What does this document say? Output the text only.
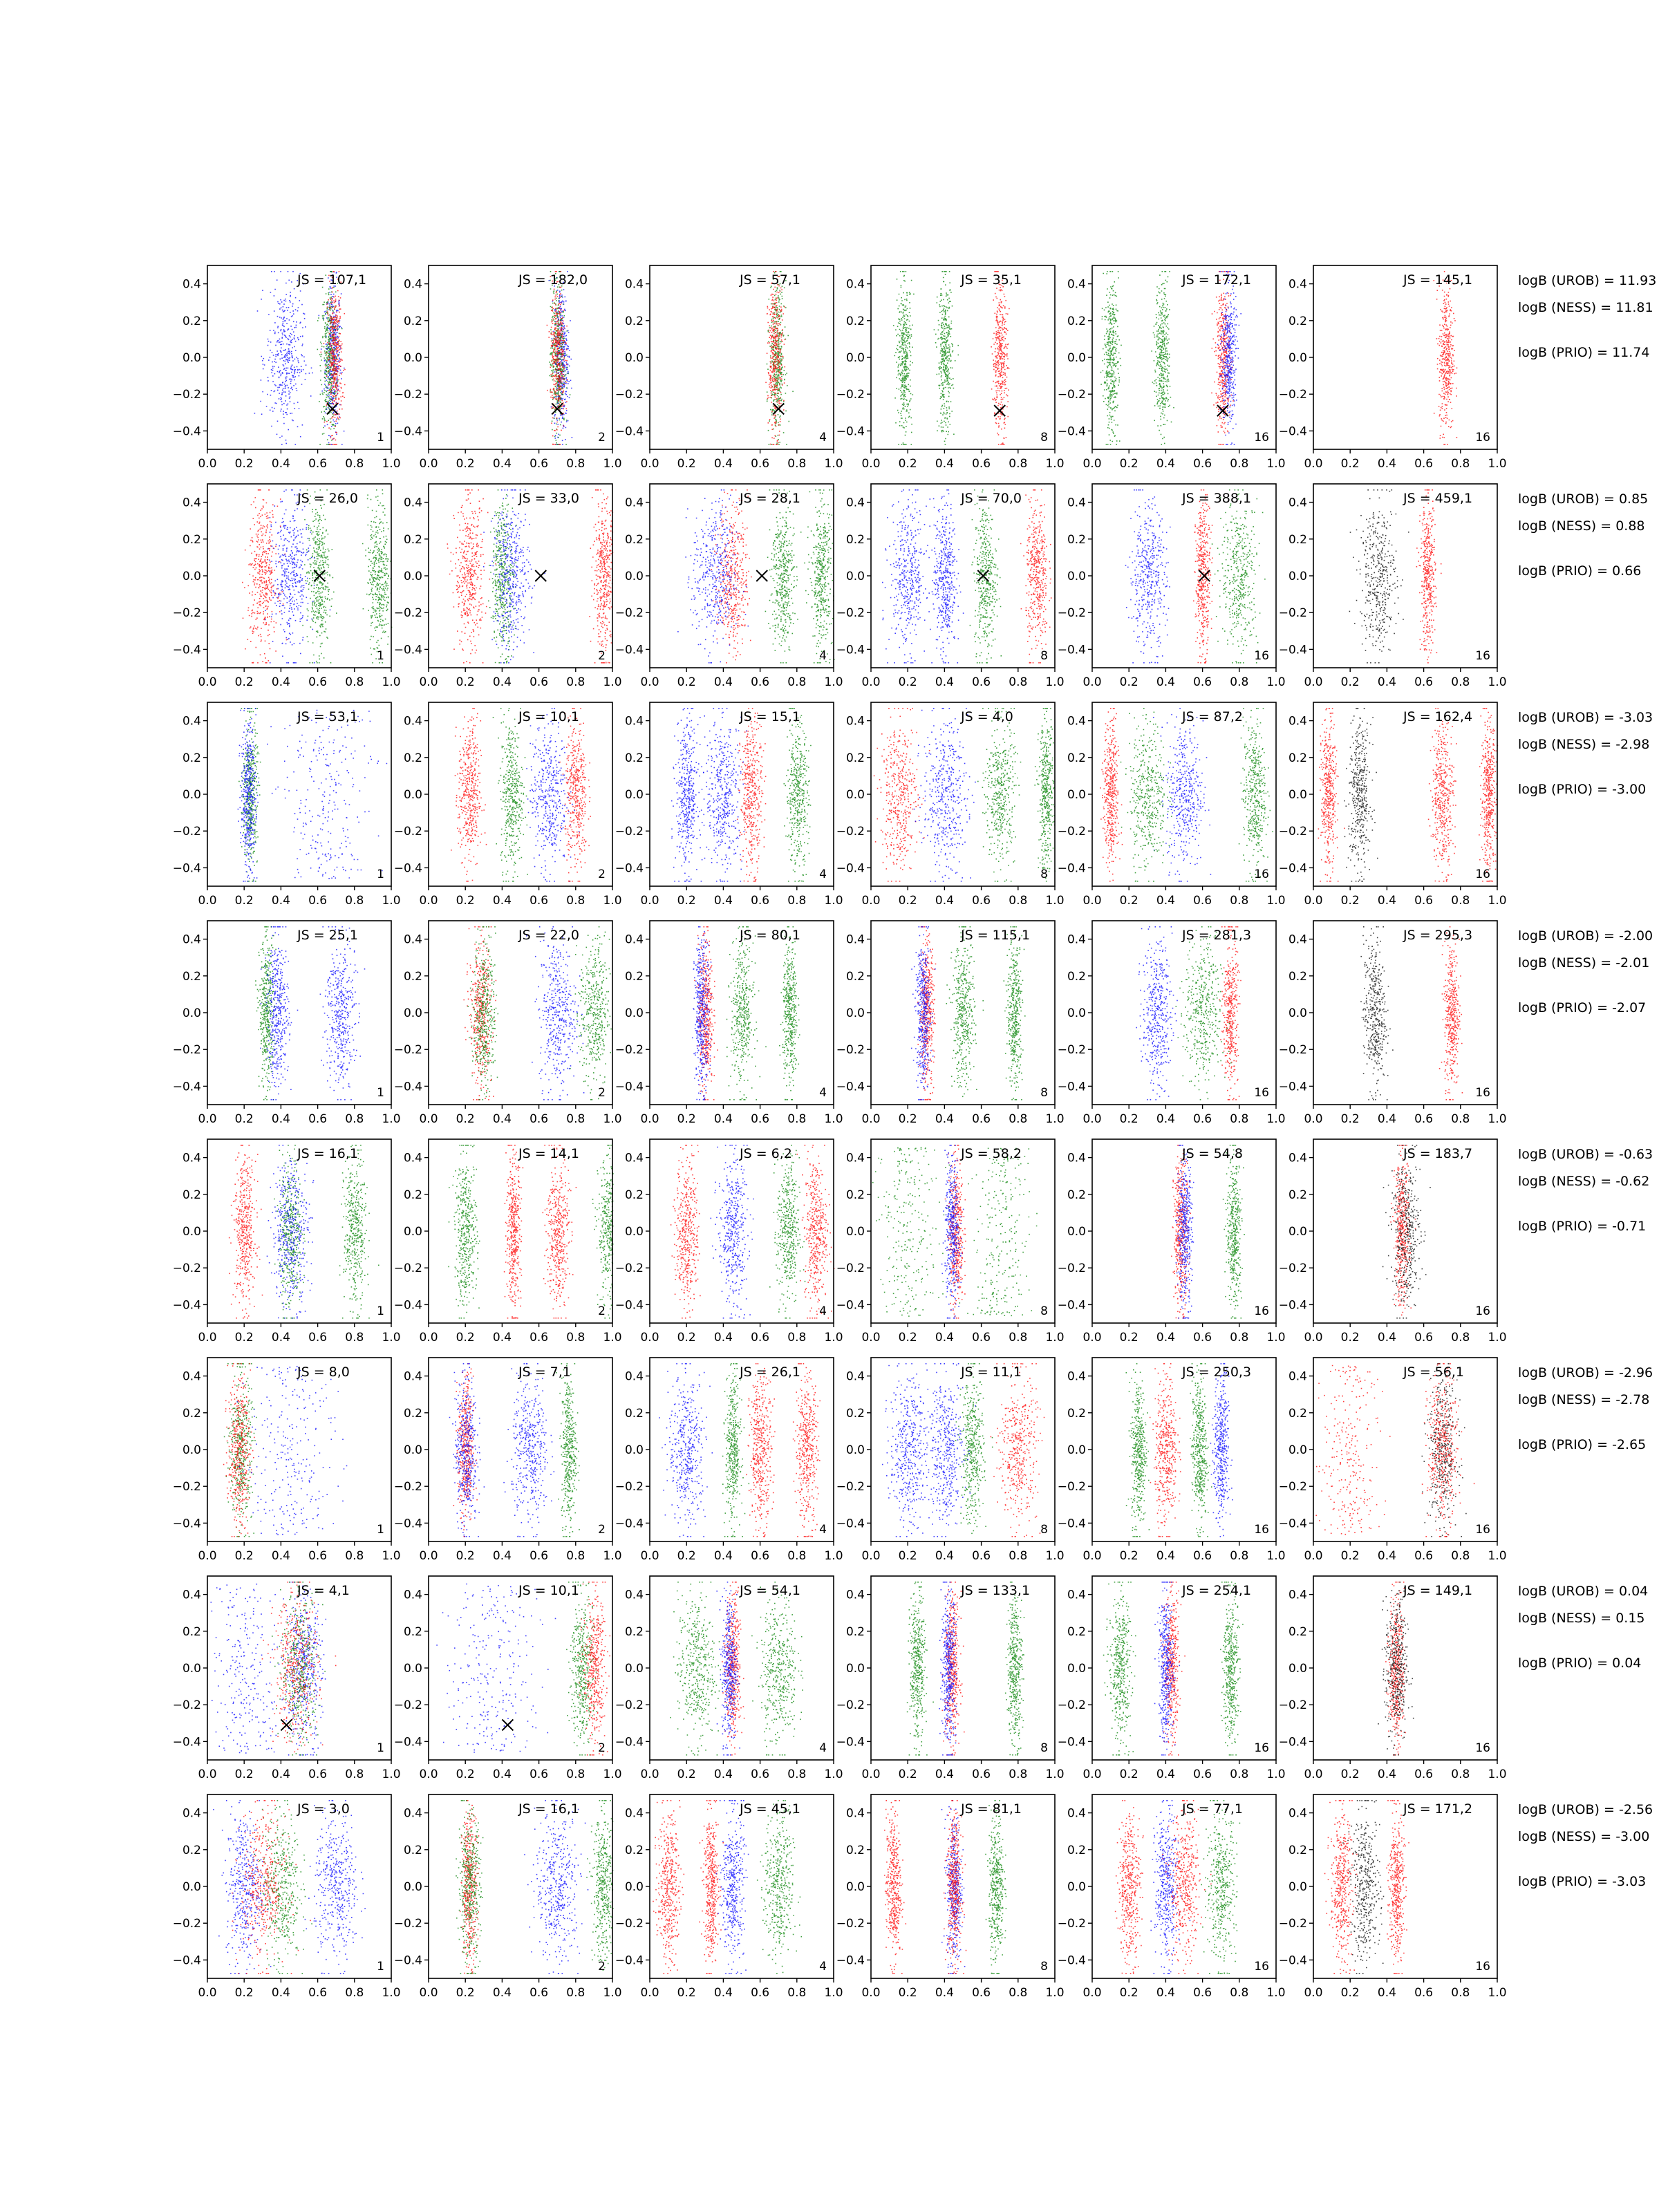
0.4
0.2
0.0
−0.2
−0.4
0.0 0.2 0.4 0.6 0.8 1.0
JS = 107,1
1
0.4
0.2
0.0
−0.2
−0.4
0.0 0.2 0.4 0.6 0.8 1.0
JS = 182,0
2
0.4
0.2
0.0
−0.2
−0.4
0.0 0.2 0.4 0.6 0.8 1.0
JS = 57,1
4
0.4
0.2
0.0
−0.2
−0.4
0.0 0.2 0.4 0.6 0.8 1.0
JS = 35,1
8
0.4
0.2
0.0
−0.2
−0.4
0.0 0.2 0.4 0.6 0.8 1.0
JS = 172,1
16
0.4
0.2
0.0
−0.2
−0.4
0.0 0.2 0.4 0.6 0.8 1.0
JS = 145,1
16
logB (UROB) = 11.93
logB (NESS) = 11.81
logB (PRIO) = 11.74
0.4
0.2
0.0
−0.2
−0.4
0.0 0.2 0.4 0.6 0.8 1.0
JS = 26,0
1
0.4
0.2
0.0
−0.2
−0.4
0.0 0.2 0.4 0.6 0.8 1.0
JS = 33,0
2
0.4
0.2
0.0
−0.2
−0.4
0.0 0.2 0.4 0.6 0.8 1.0
JS = 28,1
4
0.4
0.2
0.0
−0.2
−0.4
0.0 0.2 0.4 0.6 0.8 1.0
JS = 70,0
8
0.4
0.2
0.0
−0.2
−0.4
0.0 0.2 0.4 0.6 0.8 1.0
JS = 388,1
16
0.4
0.2
0.0
−0.2
−0.4
0.0 0.2 0.4 0.6 0.8 1.0
JS = 459,1
16
logB (UROB) = 0.85
logB (NESS) = 0.88
logB (PRIO) = 0.66
0.4
0.2
0.0
−0.2
−0.4
0.0 0.2 0.4 0.6 0.8 1.0
JS = 53,1
1
0.4
0.2
0.0
−0.2
−0.4
0.0 0.2 0.4 0.6 0.8 1.0
JS = 10,1
2
0.4
0.2
0.0
−0.2
−0.4
0.0 0.2 0.4 0.6 0.8 1.0
JS = 15,1
4
0.4
0.2
0.0
−0.2
−0.4
0.0 0.2 0.4 0.6 0.8 1.0
JS = 4,0
8
0.4
0.2
0.0
−0.2
−0.4
0.0 0.2 0.4 0.6 0.8 1.0
JS = 87,2
16
0.4
0.2
0.0
−0.2
−0.4
0.0 0.2 0.4 0.6 0.8 1.0
JS = 162,4
16
logB (UROB) = -3.03
logB (NESS) = -2.98
logB (PRIO) = -3.00
0.4
0.2
0.0
−0.2
−0.4
0.0 0.2 0.4 0.6 0.8 1.0
JS = 25,1
1
0.4
0.2
0.0
−0.2
−0.4
0.0 0.2 0.4 0.6 0.8 1.0
JS = 22,0
2
0.4
0.2
0.0
−0.2
−0.4
0.0 0.2 0.4 0.6 0.8 1.0
JS = 80,1
4
0.4
0.2
0.0
−0.2
−0.4
0.0 0.2 0.4 0.6 0.8 1.0
JS = 115,1
8
0.4
0.2
0.0
−0.2
−0.4
0.0 0.2 0.4 0.6 0.8 1.0
JS = 281,3
16
0.4
0.2
0.0
−0.2
−0.4
0.0 0.2 0.4 0.6 0.8 1.0
JS = 295,3
16
logB (UROB) = -2.00
logB (NESS) = -2.01
logB (PRIO) = -2.07
0.4
0.2
0.0
−0.2
−0.4
0.0 0.2 0.4 0.6 0.8 1.0
JS = 16,1
1
0.4
0.2
0.0
−0.2
−0.4
0.0 0.2 0.4 0.6 0.8 1.0
JS = 14,1
2
0.4
0.2
0.0
−0.2
−0.4
0.0 0.2 0.4 0.6 0.8 1.0
JS = 6,2
4
0.4
0.2
0.0
−0.2
−0.4
0.0 0.2 0.4 0.6 0.8 1.0
JS = 58,2
8
0.4
0.2
0.0
−0.2
−0.4
0.0 0.2 0.4 0.6 0.8 1.0
JS = 54,8
16
0.4
0.2
0.0
−0.2
−0.4
0.0 0.2 0.4 0.6 0.8 1.0
JS = 183,7
16
logB (UROB) = -0.63
logB (NESS) = -0.62
logB (PRIO) = -0.71
0.4
0.2
0.0
−0.2
−0.4
0.0 0.2 0.4 0.6 0.8 1.0
JS = 8,0
1
0.4
0.2
0.0
−0.2
−0.4
0.0 0.2 0.4 0.6 0.8 1.0
JS = 7,1
2
0.4
0.2
0.0
−0.2
−0.4
0.0 0.2 0.4 0.6 0.8 1.0
JS = 26,1
4
0.4
0.2
0.0
−0.2
−0.4
0.0 0.2 0.4 0.6 0.8 1.0
JS = 11,1
8
0.4
0.2
0.0
−0.2
−0.4
0.0 0.2 0.4 0.6 0.8 1.0
JS = 250,3
16
0.4
0.2
0.0
−0.2
−0.4
0.0 0.2 0.4 0.6 0.8 1.0
JS = 56,1
16
logB (UROB) = -2.96
logB (NESS) = -2.78
logB (PRIO) = -2.65
0.4
0.2
0.0
−0.2
−0.4
0.0 0.2 0.4 0.6 0.8 1.0
JS = 4,1
1
0.4
0.2
0.0
−0.2
−0.4
0.0 0.2 0.4 0.6 0.8 1.0
JS = 10,1
2
0.4
0.2
0.0
−0.2
−0.4
0.0 0.2 0.4 0.6 0.8 1.0
JS = 54,1
4
0.4
0.2
0.0
−0.2
−0.4
0.0 0.2 0.4 0.6 0.8 1.0
JS = 133,1
8
0.4
0.2
0.0
−0.2
−0.4
0.0 0.2 0.4 0.6 0.8 1.0
JS = 254,1
16
0.4
0.2
0.0
−0.2
−0.4
0.0 0.2 0.4 0.6 0.8 1.0
JS = 149,1
16
logB (UROB) = 0.04
logB (NESS) = 0.15
logB (PRIO) = 0.04
0.4
0.2
0.0
−0.2
−0.4
0.0 0.2 0.4 0.6 0.8 1.0
JS = 3,0
1
0.4
0.2
0.0
−0.2
−0.4
0.0 0.2 0.4 0.6 0.8 1.0
JS = 16,1
2
0.4
0.2
0.0
−0.2
−0.4
0.0 0.2 0.4 0.6 0.8 1.0
JS = 45,1
4
0.4
0.2
0.0
−0.2
−0.4
0.0 0.2 0.4 0.6 0.8 1.0
JS = 81,1
8
0.4
0.2
0.0
−0.2
−0.4
0.0 0.2 0.4 0.6 0.8 1.0
JS = 77,1
16
0.4
0.2
0.0
−0.2
−0.4
0.0 0.2 0.4 0.6 0.8 1.0
JS = 171,2
16
logB (UROB) = -2.56
logB (NESS) = -3.00
logB (PRIO) = -3.03
